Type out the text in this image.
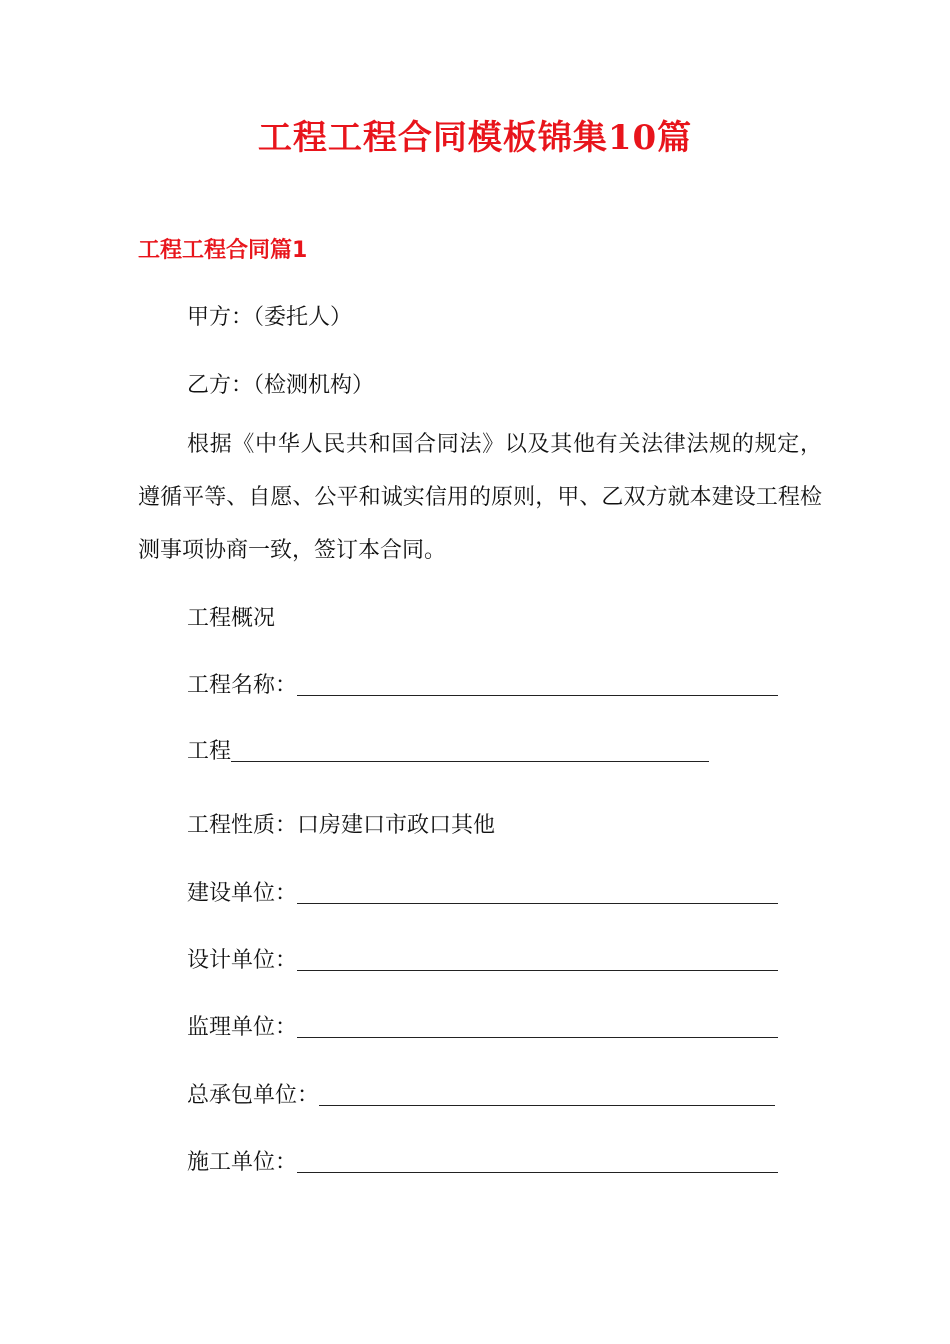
工程工程合同模板锦集10篇
工程工程合同篇1
甲方：（委托人）
乙方：（检测机构）
根据《中华人民共和国合同法》以及其他有关法律法规的规定，遵循平等、自愿、公平和诚实信用的原则，甲、乙双方就本建设工程检测事项协商一致，签订本合同。
工程概况
工程名称：
工程
工程性质：口房建口市政口其他
建设单位：
设计单位：
监理单位：
总承包单位：
施工单位：
